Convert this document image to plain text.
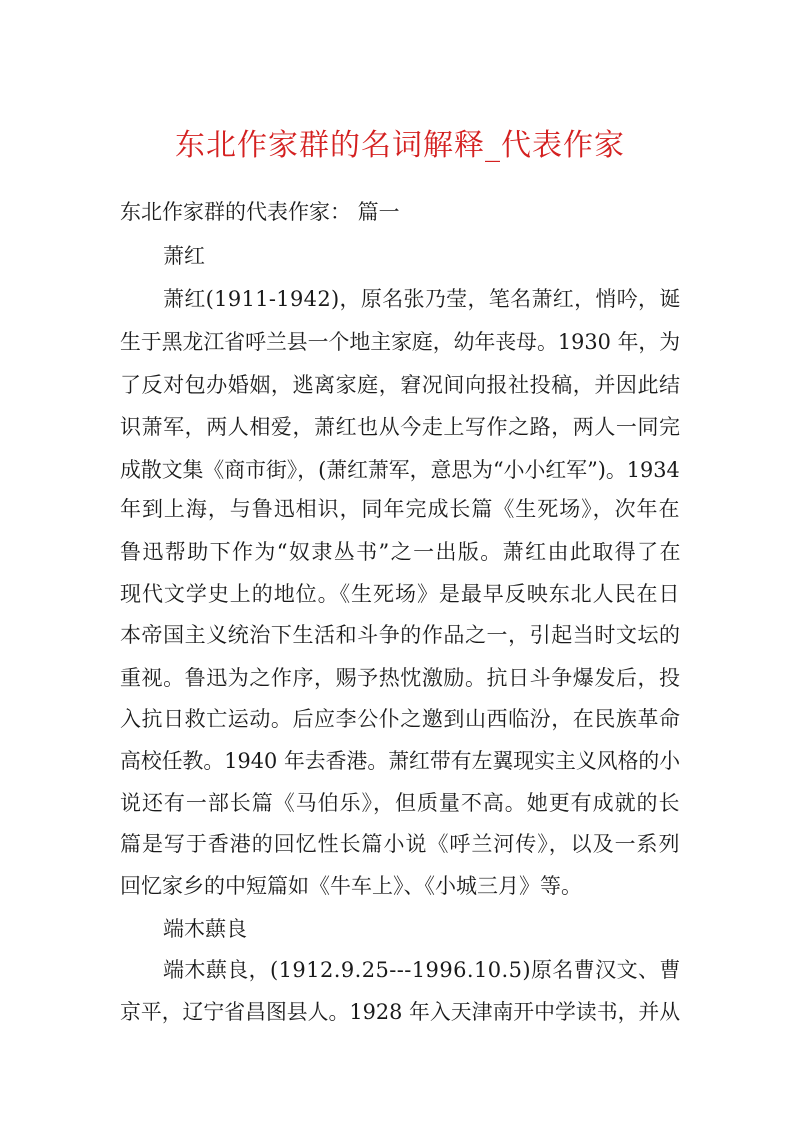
东北作家群的名词解释_代表作家
东北作家群的代表作家： 篇一
萧红
萧红(1911-1942)，原名张乃莹，笔名萧红，悄吟，诞
生于黑龙江省呼兰县一个地主家庭，幼年丧母。1930 年，为
了反对包办婚姻，逃离家庭，窘况间向报社投稿，并因此结
识萧军，两人相爱，萧红也从今走上写作之路，两人一同完
成散文集《商市街》，(萧红萧军，意思为“小小红军”)。1934
年到上海，与鲁迅相识，同年完成长篇《生死场》，次年在
鲁迅帮助下作为“奴隶丛书”之一出版。萧红由此取得了在
现代文学史上的地位。《生死场》是最早反映东北人民在日
本帝国主义统治下生活和斗争的作品之一，引起当时文坛的
重视。鲁迅为之作序，赐予热忱激励。抗日斗争爆发后，投
入抗日救亡运动。后应李公仆之邀到山西临汾，在民族革命
高校任教。1940 年去香港。萧红带有左翼现实主义风格的小
说还有一部长篇《马伯乐》，但质量不高。她更有成就的长
篇是写于香港的回忆性长篇小说《呼兰河传》，以及一系列
回忆家乡的中短篇如《牛车上》、《小城三月》等。
端木蕻良
端木蕻良，(1912.9.25---1996.10.5)原名曹汉文、曹
京平，辽宁省昌图县人。1928 年入天津南开中学读书，并从
